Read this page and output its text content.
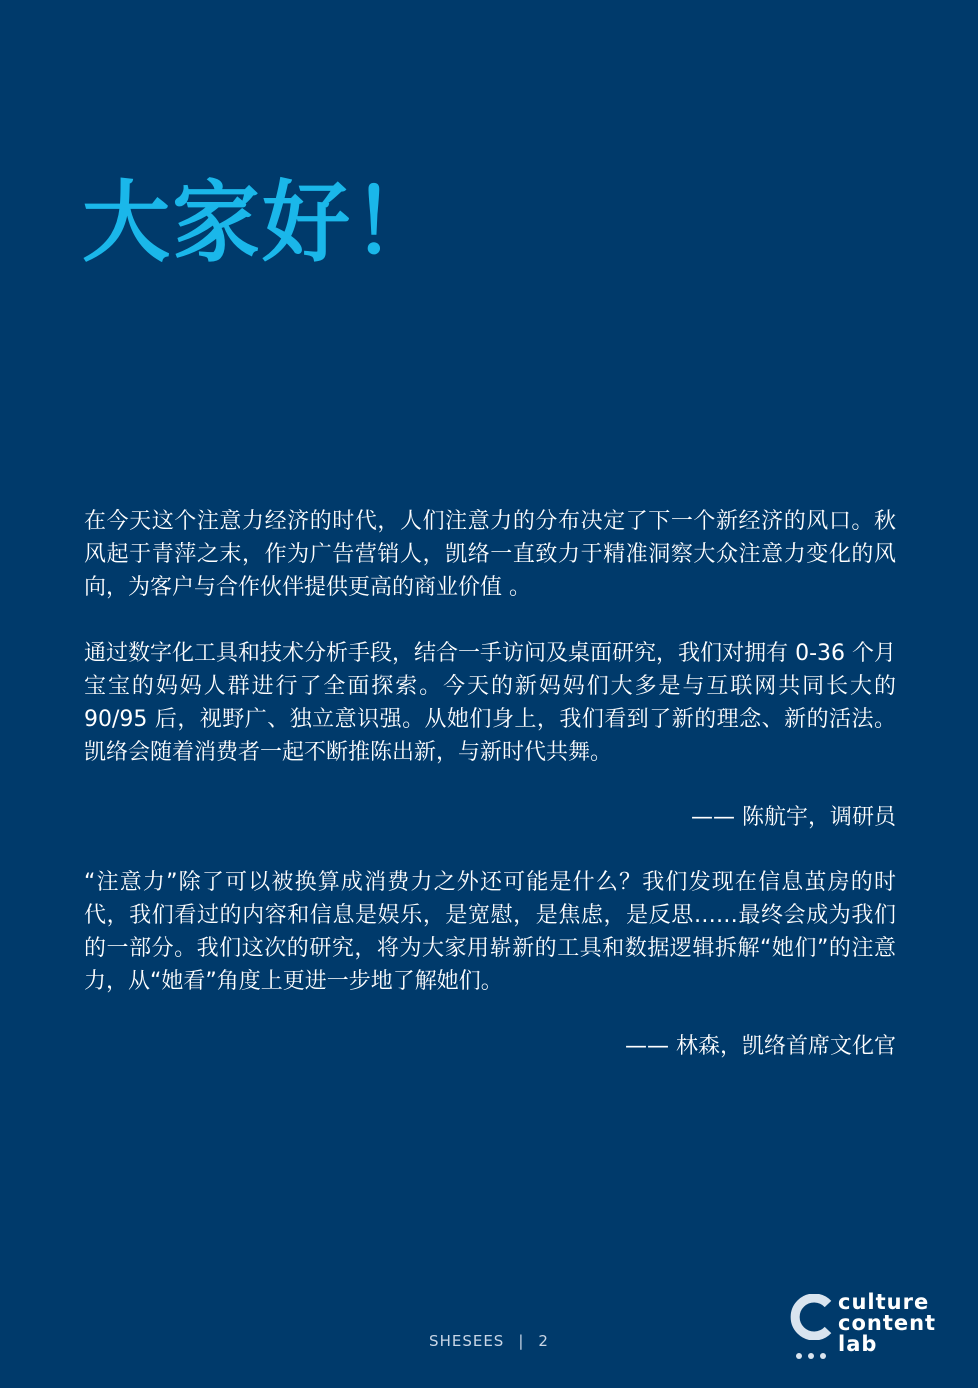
大家好！

在今天这个注意力经济的时代，人们注意力的分布决定了下一个新经济的风口。秋风起于青萍之末，作为广告营销人，凯络一直致力于精准洞察大众注意力变化的风向，为客户与合作伙伴提供更高的商业价值 。

通过数字化工具和技术分析手段，结合一手访问及桌面研究，我们对拥有 0-36 个月宝宝的妈妈人群进行了全面探索。今天的新妈妈们大多是与互联网共同长大的 90/95 后，视野广、独立意识强。从她们身上，我们看到了新的理念、新的活法。凯络会随着消费者一起不断推陈出新，与新时代共舞。

—— 陈航宇，调研员

“注意力”除了可以被换算成消费力之外还可能是什么？我们发现在信息茧房的时代，我们看过的内容和信息是娱乐，是宽慰，是焦虑，是反思……最终会成为我们的一部分。我们这次的研究，将为大家用崭新的工具和数据逻辑拆解“她们”的注意力，从“她看”角度上更进一步地了解她们。

—— 林森，凯络首席文化官

SHESEES | 2
culture
content
lab
